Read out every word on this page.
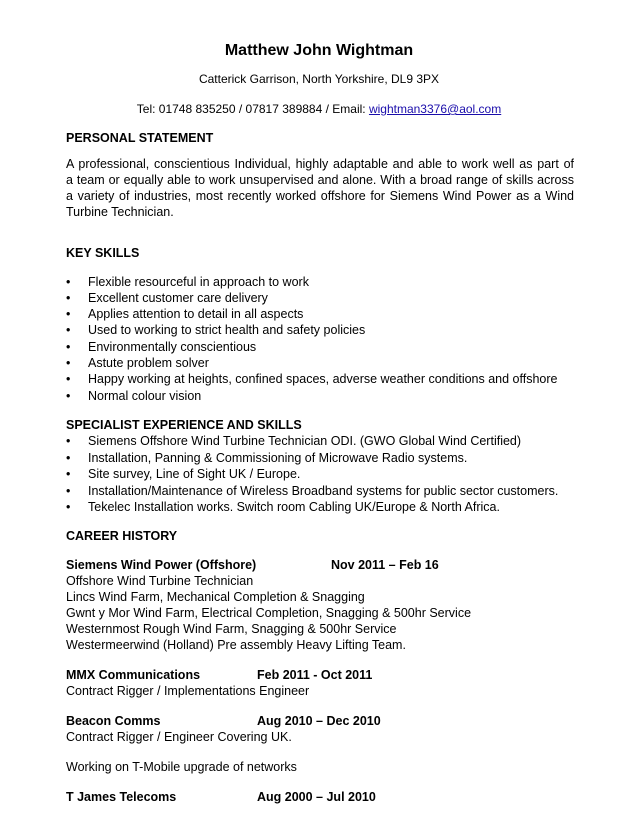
Matthew John Wightman
Catterick Garrison, North Yorkshire, DL9 3PX
Tel: 01748 835250 / 07817 389884 / Email: wightman3376@aol.com
PERSONAL STATEMENT
A professional, conscientious Individual, highly adaptable and able to work well as part of
a team or equally able to work unsupervised and alone. With a broad range of skills across
a variety of industries, most recently worked offshore for Siemens Wind Power as a Wind
Turbine Technician.
KEY SKILLS
• Flexible resourceful in approach to work
• Excellent customer care delivery
• Applies attention to detail in all aspects
• Used to working to strict health and safety policies
• Environmentally conscientious
• Astute problem solver
• Happy working at heights, confined spaces, adverse weather conditions and offshore
• Normal colour vision
SPECIALIST EXPERIENCE AND SKILLS
• Siemens Offshore Wind Turbine Technician ODI. (GWO Global Wind Certified)
• Installation, Panning & Commissioning of Microwave Radio systems.
• Site survey, Line of Sight UK / Europe.
• Installation/Maintenance of Wireless Broadband systems for public sector customers.
• Tekelec Installation works. Switch room Cabling UK/Europe & North Africa.
CAREER HISTORY
Siemens Wind Power (Offshore)	Nov 2011 – Feb 16
Offshore Wind Turbine Technician
Lincs Wind Farm, Mechanical Completion & Snagging
Gwnt y Mor Wind Farm, Electrical Completion, Snagging & 500hr Service
Westernmost Rough Wind Farm, Snagging & 500hr Service
Westermeerwind (Holland) Pre assembly Heavy Lifting Team.
MMX Communications	Feb 2011 - Oct 2011
Contract Rigger / Implementations Engineer
Beacon Comms	Aug 2010 – Dec 2010
Contract Rigger / Engineer Covering UK.
Working on T-Mobile upgrade of networks
T James Telecoms	Aug 2000 – Jul 2010
